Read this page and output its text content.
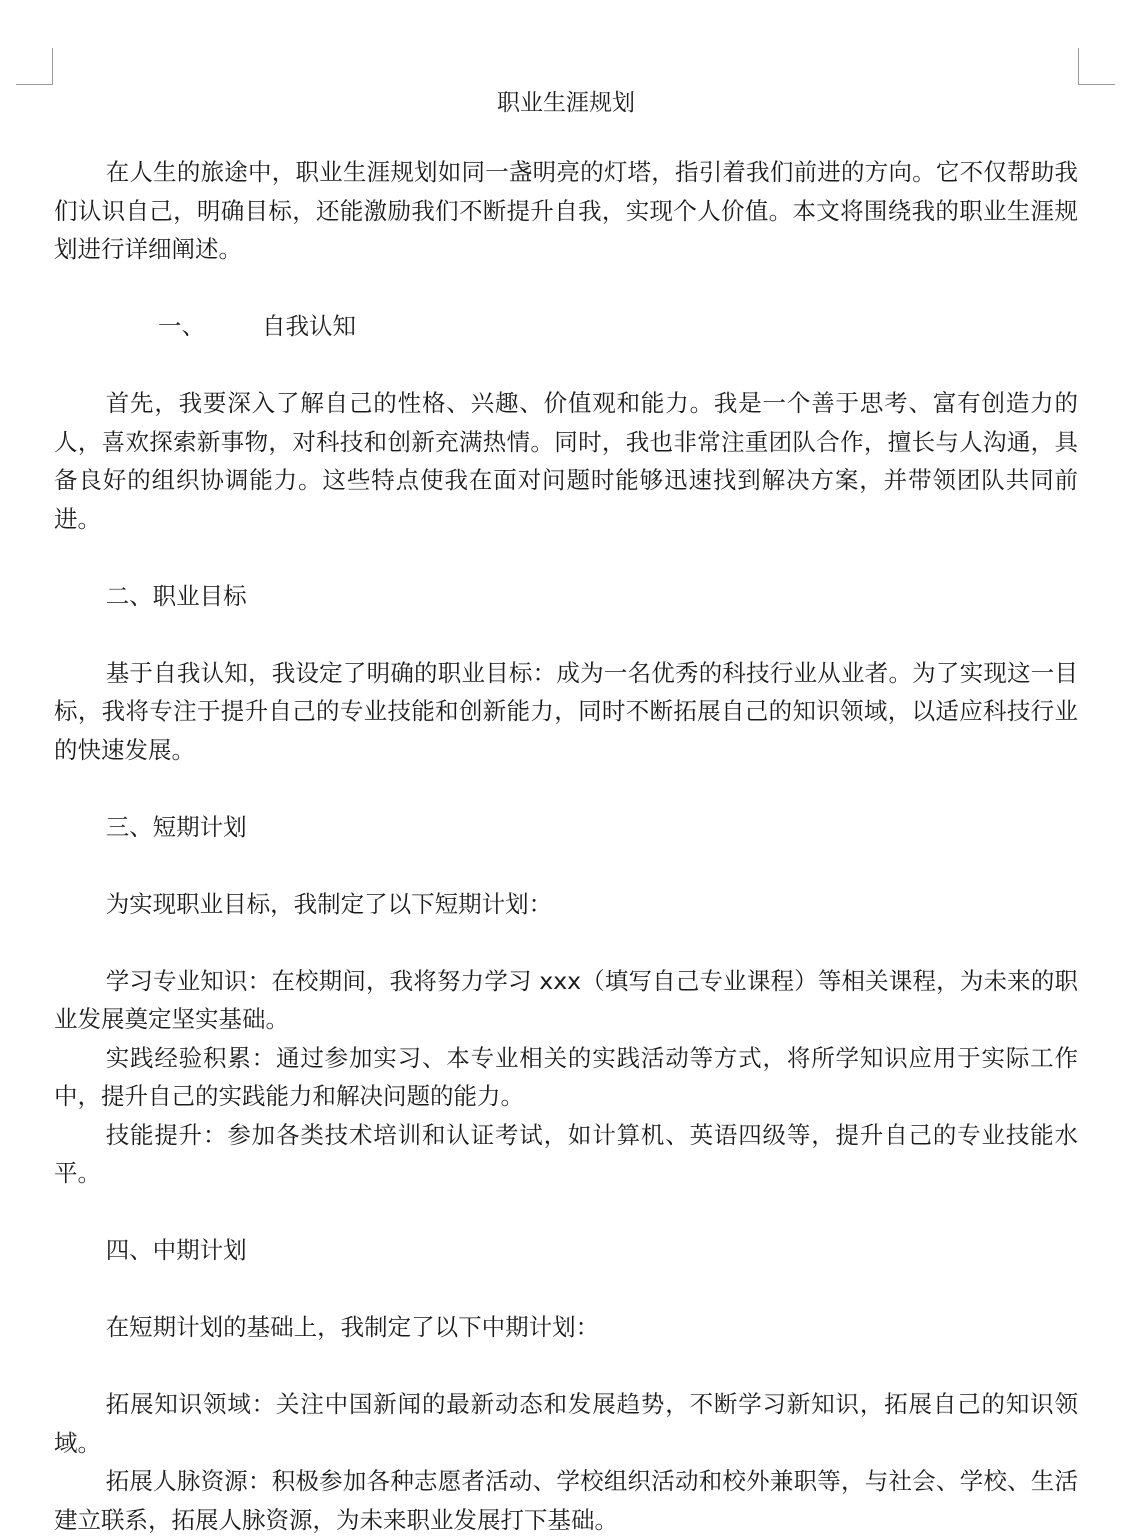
职业生涯规划

在人生的旅途中，职业生涯规划如同一盏明亮的灯塔，指引着我们前进的方向。它不仅帮助我们认识自己，明确目标，还能激励我们不断提升自我，实现个人价值。本文将围绕我的职业生涯规划进行详细阐述。

一、 自我认知

首先，我要深入了解自己的性格、兴趣、价值观和能力。我是一个善于思考、富有创造力的人，喜欢探索新事物，对科技和创新充满热情。同时，我也非常注重团队合作，擅长与人沟通，具备良好的组织协调能力。这些特点使我在面对问题时能够迅速找到解决方案，并带领团队共同前进。

二、职业目标

基于自我认知，我设定了明确的职业目标：成为一名优秀的科技行业从业者。为了实现这一目标，我将专注于提升自己的专业技能和创新能力，同时不断拓展自己的知识领域，以适应科技行业的快速发展。

三、短期计划

为实现职业目标，我制定了以下短期计划：

学习专业知识：在校期间，我将努力学习 xxx（填写自己专业课程）等相关课程，为未来的职业发展奠定坚实基础。

实践经验积累：通过参加实习、本专业相关的实践活动等方式，将所学知识应用于实际工作中，提升自己的实践能力和解决问题的能力。

技能提升：参加各类技术培训和认证考试，如计算机、英语四级等，提升自己的专业技能水平。

四、中期计划

在短期计划的基础上，我制定了以下中期计划：

拓展知识领域：关注中国新闻的最新动态和发展趋势，不断学习新知识，拓展自己的知识领域。

拓展人脉资源：积极参加各种志愿者活动、学校组织活动和校外兼职等，与社会、学校、生活建立联系，拓展人脉资源，为未来职业发展打下基础。
